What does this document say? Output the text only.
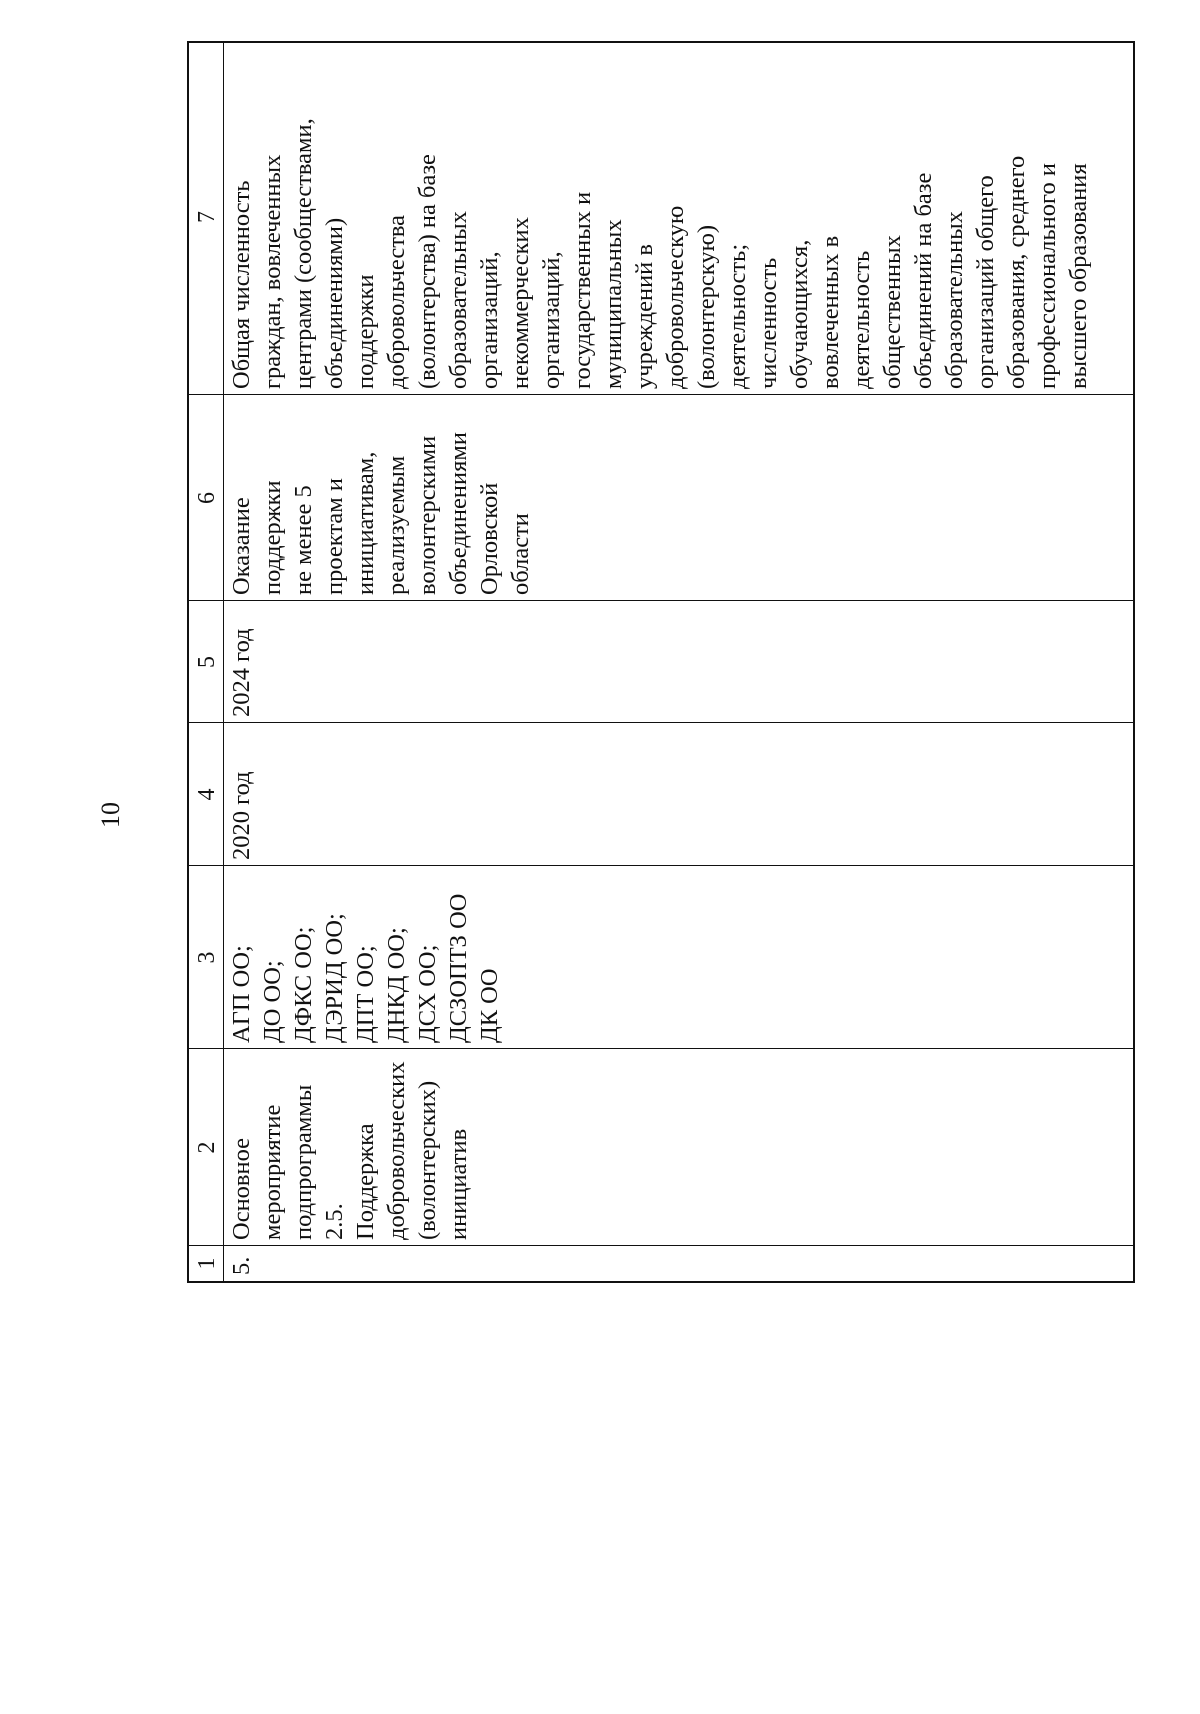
10
1
2
3
4
5
6
7
5.
Основное мероприятие
подпрограммы 2.5.
Поддержка
добровольческих
(волонтерских)
инициатив
АГП ОО;
ДО ОО;
ДФКС ОО;
ДЭРИД ОО;
ДПТ ОО;
ДНКД ОО;
ДСХ ОО;
ДСЗОПТЗ ОО
ДК ОО
2020 год
2024 год
Оказание поддержки
не менее 5 проектам и
инициативам,
реализуемым
волонтерскими
объединениями
Орловской области
Общая численность
граждан, вовлеченных
центрами (сообществами,
объединениями)
поддержки
добровольчества
(волонтерства) на базе
образовательных
организаций,
некоммерческих
организаций,
государственных и
муниципальных
учреждений в
добровольческую
(волонтерскую)
деятельность;
численность
обучающихся,
вовлеченных в
деятельность
общественных
объединений на базе
образовательных
организаций общего
образования, среднего
профессионального и
высшего образования
